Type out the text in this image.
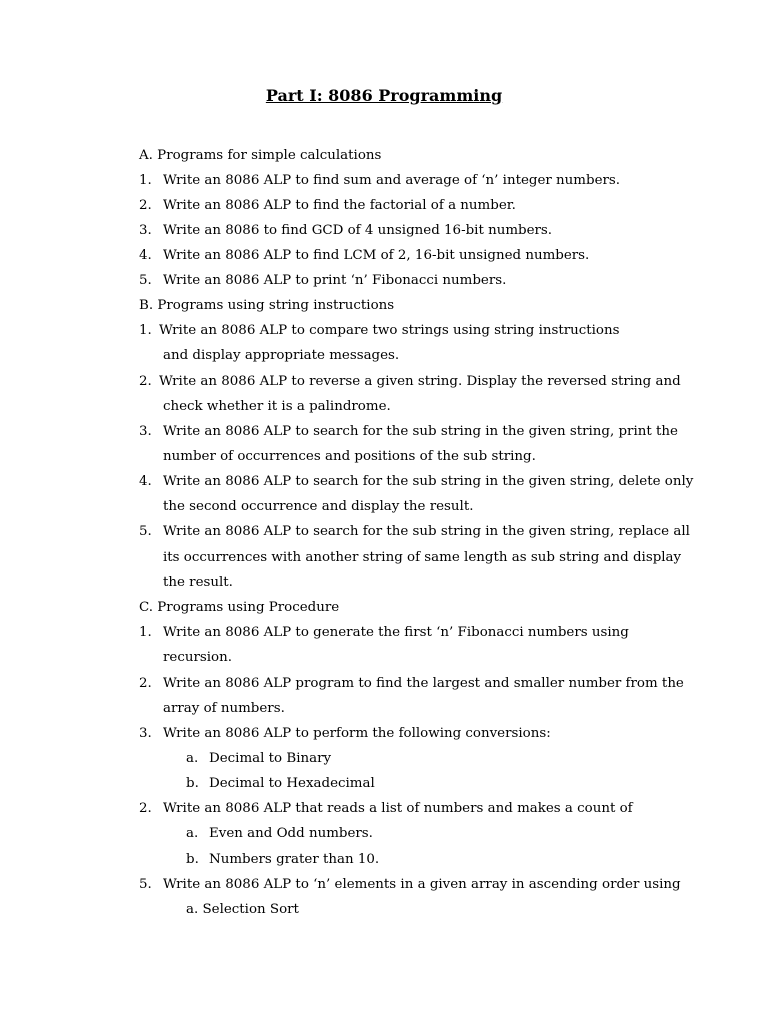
Part I: 8086 Programming
A. Programs for simple calculations
1. Write an 8086 ALP to find sum and average of ‘n’ integer numbers.
2. Write an 8086 ALP to find the factorial of a number.
3. Write an 8086 to find GCD of 4 unsigned 16-bit numbers.
4. Write an 8086 ALP to find LCM of 2, 16-bit unsigned numbers.
5. Write an 8086 ALP to print ‘n’ Fibonacci numbers.
B. Programs using string instructions
1. Write an 8086 ALP to compare two strings using string instructions
and display appropriate messages.
2. Write an 8086 ALP to reverse a given string. Display the reversed string and
check whether it is a palindrome.
3. Write an 8086 ALP to search for the sub string in the given string, print the
number of occurrences and positions of the sub string.
4. Write an 8086 ALP to search for the sub string in the given string, delete only
the second occurrence and display the result.
5. Write an 8086 ALP to search for the sub string in the given string, replace all
its occurrences with another string of same length as sub string and display
the result.
C. Programs using Procedure
1. Write an 8086 ALP to generate the first ‘n’ Fibonacci numbers using
recursion.
2. Write an 8086 ALP program to find the largest and smaller number from the
array of numbers.
3. Write an 8086 ALP to perform the following conversions:
a. Decimal to Binary
b. Decimal to Hexadecimal
2. Write an 8086 ALP that reads a list of numbers and makes a count of
a. Even and Odd numbers.
b. Numbers grater than 10.
5. Write an 8086 ALP to ‘n’ elements in a given array in ascending order using
a. Selection Sort
